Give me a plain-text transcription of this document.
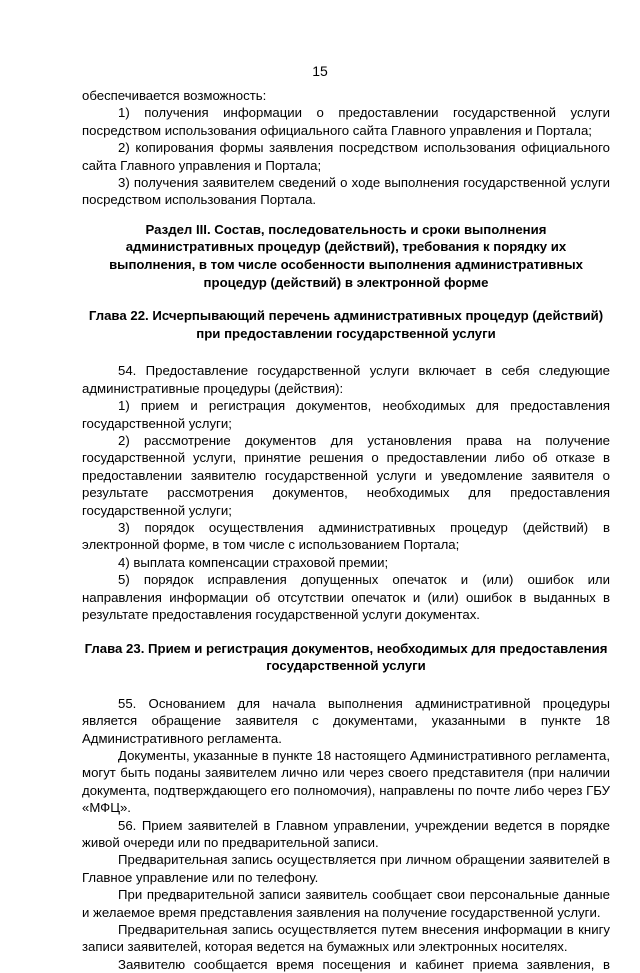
15

обеспечивается возможность:

1) получения информации о предоставлении государственной услуги посредством использования официального сайта Главного управления и Портала;

2) копирования формы заявления посредством использования официального сайта Главного управления и Портала;

3) получения заявителем сведений о ходе выполнения государственной услуги посредством использования Портала.

Раздел III. Состав, последовательность и сроки выполнения административных процедур (действий), требования к порядку их выполнения, в том числе особенности выполнения административных процедур (действий) в электронной форме

Глава 22. Исчерпывающий перечень административных процедур (действий) при предоставлении государственной услуги

54. Предоставление государственной услуги включает в себя следующие административные процедуры (действия):

1) прием и регистрация документов, необходимых для предоставления государственной услуги;

2) рассмотрение документов для установления права на получение государственной услуги, принятие решения о предоставлении либо об отказе в предоставлении заявителю государственной услуги и уведомление заявителя о результате рассмотрения документов, необходимых для предоставления государственной услуги;

3) порядок осуществления административных процедур (действий) в электронной форме, в том числе с использованием Портала;

4) выплата компенсации страховой премии;

5) порядок исправления допущенных опечаток и (или) ошибок или направления информации об отсутствии опечаток и (или) ошибок в выданных в результате предоставления государственной услуги документах.

Глава 23. Прием и регистрация документов, необходимых для предоставления государственной услуги

55. Основанием для начала выполнения административной процедуры является обращение заявителя с документами, указанными в пункте 18 Административного регламента.

Документы, указанные в пункте 18 настоящего Административного регламента, могут быть поданы заявителем лично или через своего представителя (при наличии документа, подтверждающего его полномочия), направлены по почте либо через ГБУ «МФЦ».

56. Прием заявителей в Главном управлении, учреждении ведется в порядке живой очереди или по предварительной записи.

Предварительная запись осуществляется при личном обращении заявителей в Главное управление или по телефону.

При предварительной записи заявитель сообщает свои персональные данные и желаемое время представления заявления на получение государственной услуги.

Предварительная запись осуществляется путем внесения информации в книгу записи заявителей, которая ведется на бумажных или электронных носителях.

Заявителю сообщается время посещения и кабинет приема заявления, в
